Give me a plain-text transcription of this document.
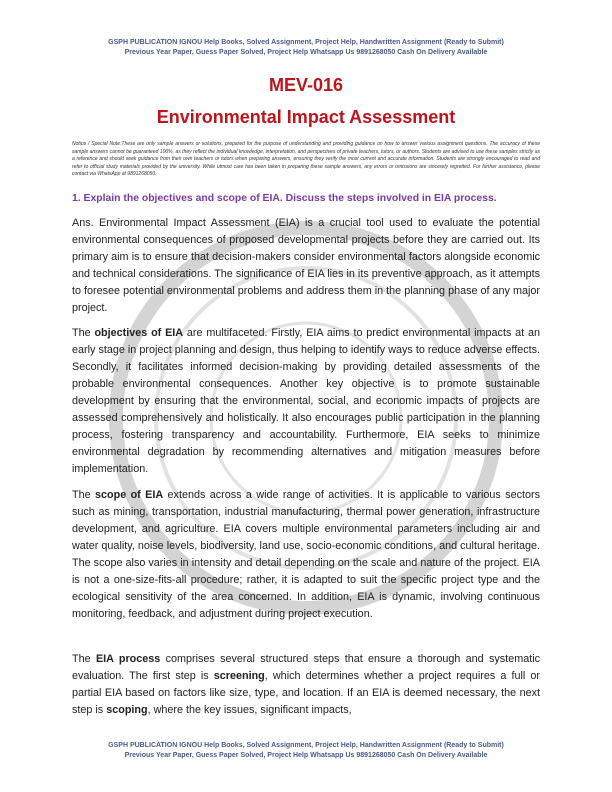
GSPH PUBLICATION IGNOU Help Books, Solved Assignment, Project Help, Handwritten Assignment (Ready to Submit)
Previous Year Paper, Guess Paper Solved, Project Help Whatsapp Us 9891268050 Cash On Delivery Available
MEV-016
Environmental Impact Assessment
Notice / Special Note:These are only sample answers or solutions, prepared for the purpose of understanding and providing guidance on how to answer various assignment questions. The accuracy of these sample answers cannot be guaranteed 100%, as they reflect the individual knowledge, interpretation, and perspectives of private teachers, tutors, or authors. Students are advised to use these samples strictly as a reference and should seek guidance from their own teachers or tutors when preparing answers, ensuring they verify the most current and accurate information. Students are strongly encouraged to read and refer to official study materials provided by the university. While utmost care has been taken in preparing these sample answers, any errors or omissions are sincerely regretted. For further assistance, please contact via WhatsApp at 9891268050.
1. Explain the objectives and scope of EIA. Discuss the steps involved in EIA process.
Ans. Environmental Impact Assessment (EIA) is a crucial tool used to evaluate the potential environmental consequences of proposed developmental projects before they are carried out. Its primary aim is to ensure that decision-makers consider environmental factors alongside economic and technical considerations. The significance of EIA lies in its preventive approach, as it attempts to foresee potential environmental problems and address them in the planning phase of any major project.
The objectives of EIA are multifaceted. Firstly, EIA aims to predict environmental impacts at an early stage in project planning and design, thus helping to identify ways to reduce adverse effects. Secondly, it facilitates informed decision-making by providing detailed assessments of the probable environmental consequences. Another key objective is to promote sustainable development by ensuring that the environmental, social, and economic impacts of projects are assessed comprehensively and holistically. It also encourages public participation in the planning process, fostering transparency and accountability. Furthermore, EIA seeks to minimize environmental degradation by recommending alternatives and mitigation measures before implementation.
The scope of EIA extends across a wide range of activities. It is applicable to various sectors such as mining, transportation, industrial manufacturing, thermal power generation, infrastructure development, and agriculture. EIA covers multiple environmental parameters including air and water quality, noise levels, biodiversity, land use, socio-economic conditions, and cultural heritage. The scope also varies in intensity and detail depending on the scale and nature of the project. EIA is not a one-size-fits-all procedure; rather, it is adapted to suit the specific project type and the ecological sensitivity of the area concerned. In addition, EIA is dynamic, involving continuous monitoring, feedback, and adjustment during project execution.
The EIA process comprises several structured steps that ensure a thorough and systematic evaluation. The first step is screening, which determines whether a project requires a full or partial EIA based on factors like size, type, and location. If an EIA is deemed necessary, the next step is scoping, where the key issues, significant impacts,
GSPH PUBLICATION IGNOU Help Books, Solved Assignment, Project Help, Handwritten Assignment (Ready to Submit)
Previous Year Paper, Guess Paper Solved, Project Help Whatsapp Us 9891268050 Cash On Delivery Available
